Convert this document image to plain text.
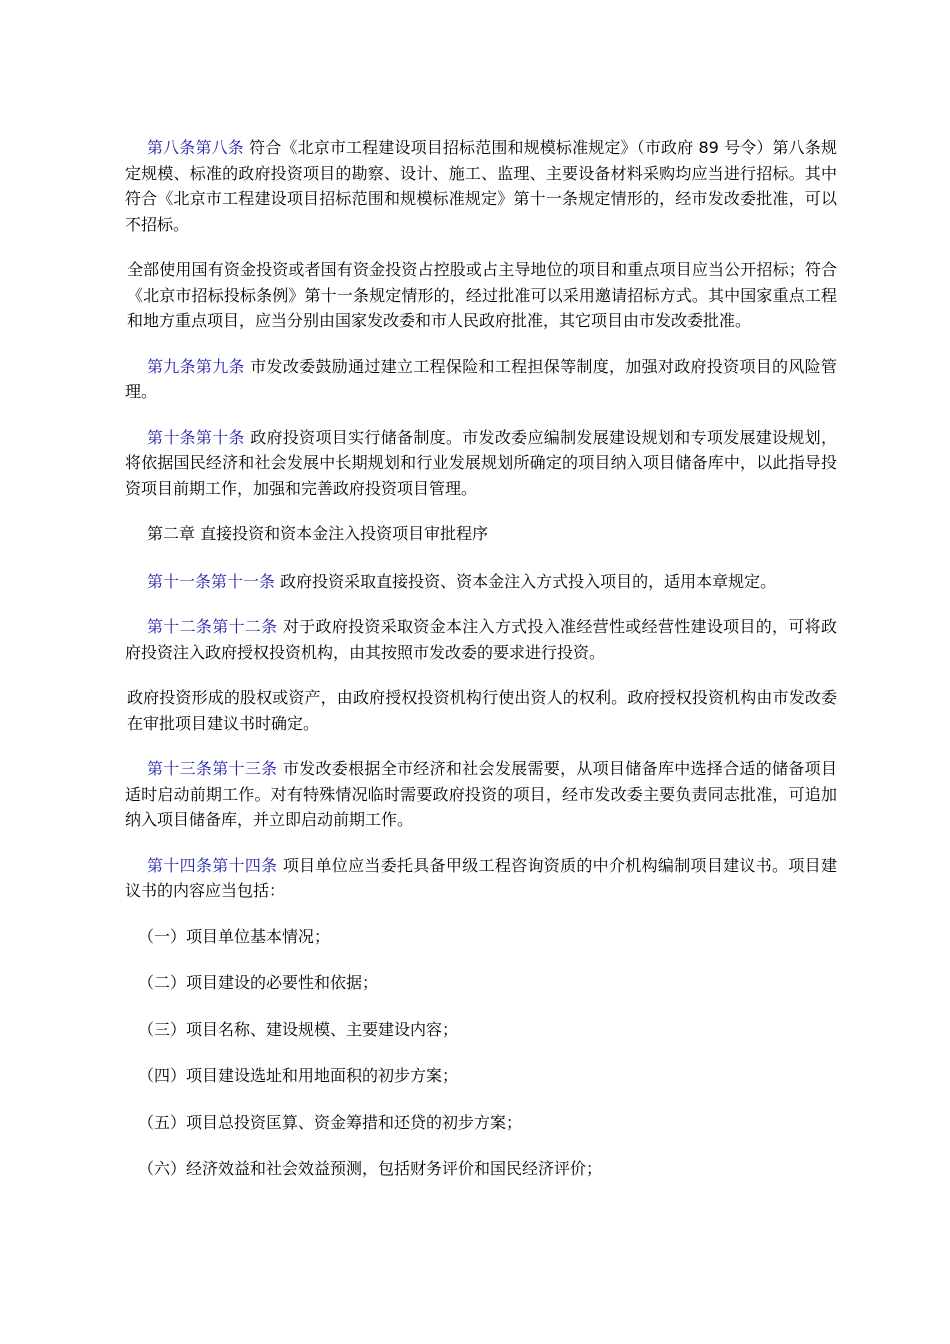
第八条第八条 符合《北京市工程建设项目招标范围和规模标准规定》（市政府 89 号令）第八条规定规模、标准的政府投资项目的勘察、设计、施工、监理、主要设备材料采购均应当进行招标。其中符合《北京市工程建设项目招标范围和规模标准规定》第十一条规定情形的，经市发改委批准，可以不招标。

全部使用国有资金投资或者国有资金投资占控股或占主导地位的项目和重点项目应当公开招标；符合《北京市招标投标条例》第十一条规定情形的，经过批准可以采用邀请招标方式。其中国家重点工程和地方重点项目，应当分别由国家发改委和市人民政府批准，其它项目由市发改委批准。

第九条第九条 市发改委鼓励通过建立工程保险和工程担保等制度，加强对政府投资项目的风险管理。

第十条第十条 政府投资项目实行储备制度。市发改委应编制发展建设规划和专项发展建设规划，将依据国民经济和社会发展中长期规划和行业发展规划所确定的项目纳入项目储备库中，以此指导投资项目前期工作，加强和完善政府投资项目管理。

第二章 直接投资和资本金注入投资项目审批程序

第十一条第十一条 政府投资采取直接投资、资本金注入方式投入项目的，适用本章规定。

第十二条第十二条 对于政府投资采取资金本注入方式投入准经营性或经营性建设项目的，可将政府投资注入政府授权投资机构，由其按照市发改委的要求进行投资。

政府投资形成的股权或资产，由政府授权投资机构行使出资人的权利。政府授权投资机构由市发改委在审批项目建议书时确定。

第十三条第十三条 市发改委根据全市经济和社会发展需要，从项目储备库中选择合适的储备项目适时启动前期工作。对有特殊情况临时需要政府投资的项目，经市发改委主要负责同志批准，可追加纳入项目储备库，并立即启动前期工作。

第十四条第十四条 项目单位应当委托具备甲级工程咨询资质的中介机构编制项目建议书。项目建议书的内容应当包括：

（一）项目单位基本情况；

（二）项目建设的必要性和依据；

（三）项目名称、建设规模、主要建设内容；

（四）项目建设选址和用地面积的初步方案；

（五）项目总投资匡算、资金筹措和还贷的初步方案；

（六）经济效益和社会效益预测，包括财务评价和国民经济评价；
